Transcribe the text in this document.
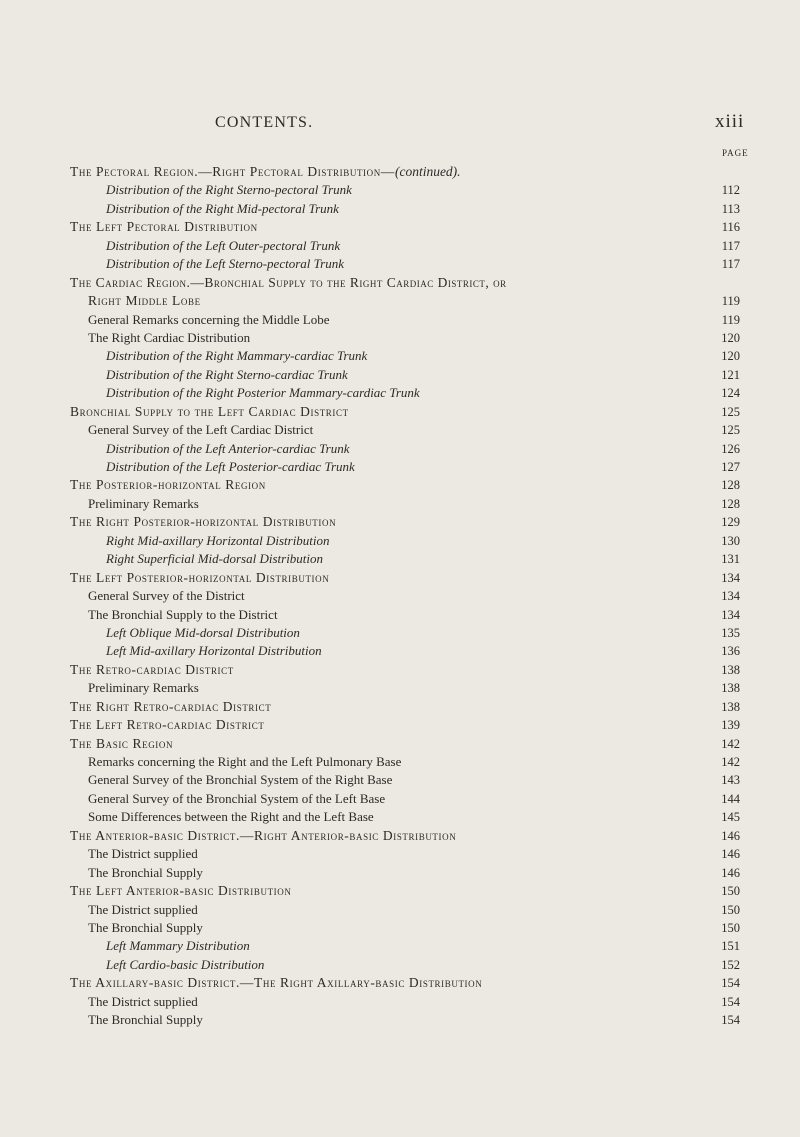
CONTENTS.	xiii
PAGE
The Pectoral Region.—Right Pectoral Distribution—(continued).
Distribution of the Right Sterno-pectoral Trunk	112
Distribution of the Right Mid-pectoral Trunk	113
The Left Pectoral Distribution	116
Distribution of the Left Outer-pectoral Trunk	117
Distribution of the Left Sterno-pectoral Trunk	117
The Cardiac Region.—Bronchial Supply to the Right Cardiac District, or
Right Middle Lobe	119
General Remarks concerning the Middle Lobe	119
The Right Cardiac Distribution	120
Distribution of the Right Mammary-cardiac Trunk	120
Distribution of the Right Sterno-cardiac Trunk	121
Distribution of the Right Posterior Mammary-cardiac Trunk	124
Bronchial Supply to the Left Cardiac District	125
General Survey of the Left Cardiac District	125
Distribution of the Left Anterior-cardiac Trunk	126
Distribution of the Left Posterior-cardiac Trunk	127
The Posterior-horizontal Region	128
Preliminary Remarks	128
The Right Posterior-horizontal Distribution	129
Right Mid-axillary Horizontal Distribution	130
Right Superficial Mid-dorsal Distribution	131
The Left Posterior-horizontal Distribution	134
General Survey of the District	134
The Bronchial Supply to the District	134
Left Oblique Mid-dorsal Distribution	135
Left Mid-axillary Horizontal Distribution	136
The Retro-cardiac District	138
Preliminary Remarks	138
The Right Retro-cardiac District	138
The Left Retro-cardiac District	139
The Basic Region	142
Remarks concerning the Right and the Left Pulmonary Base	142
General Survey of the Bronchial System of the Right Base	143
General Survey of the Bronchial System of the Left Base	144
Some Differences between the Right and the Left Base	145
The Anterior-basic District.—Right Anterior-basic Distribution	146
The District supplied	146
The Bronchial Supply	146
The Left Anterior-basic Distribution	150
The District supplied	150
The Bronchial Supply	150
Left Mammary Distribution	151
Left Cardio-basic Distribution	152
The Axillary-basic District.—The Right Axillary-basic Distribution	154
The District supplied	154
The Bronchial Supply	154
